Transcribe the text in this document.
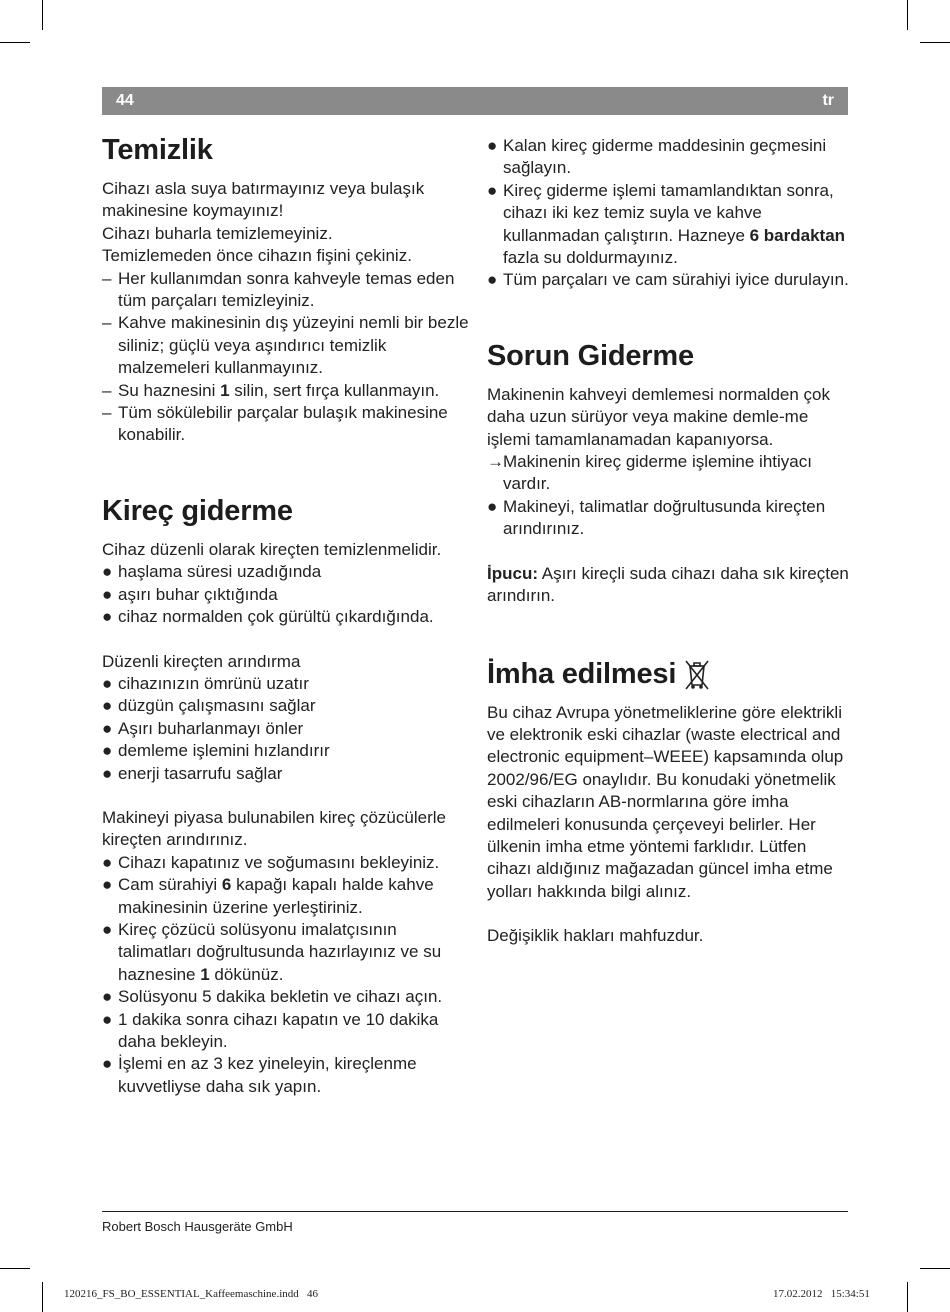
44	tr
Temizlik

Cihazı asla suya batırmayınız veya bulaşık makinesine koymayınız!

Cihazı buharla temizlemeyiniz.

Temizlemeden önce cihazın fişini çekiniz.

– Her kullanımdan sonra kahveyle temas eden tüm parçaları temizleyiniz.
– Kahve makinesinin dış yüzeyini nemli bir bezle siliniz; güçlü veya aşındırıcı temizlik malzemeleri kullanmayınız.
– Su haznesini 1 silin, sert fırça kullanmayın.
– Tüm sökülebilir parçalar bulaşık makinesine konabilir.
Kireç giderme

Cihaz düzenli olarak kireçten temizlenmelidir.

● haşlama süresi uzadığında
● aşırı buhar çıktığında
● cihaz normalden çok gürültü çıkardığında.

Düzenli kireçten arındırma

● cihazınızın ömrünü uzatır
● düzgün çalışmasını sağlar
● Aşırı buharlanmayı önler
● demleme işlemini hızlandırır
● enerji tasarrufu sağlar

Makineyi piyasa bulunabilen kireç çözücülerle kireçten arındırınız.

● Cihazı kapatınız ve soğumasını bekleyiniz.
● Cam sürahiyi 6 kapağı kapalı halde kahve makinesinin üzerine yerleştiriniz.
● Kireç çözücü solüsyonu imalatçısının talimatları doğrultusunda hazırlayınız ve su haznesine 1 dökünüz.
● Solüsyonu 5 dakika bekletin ve cihazı açın.
● 1 dakika sonra cihazı kapatın ve 10 dakika daha bekleyin.
● İşlemi en az 3 kez yineleyin, kireçlenme kuvvetliyse daha sık yapın.
● Kalan kireç giderme maddesinin geçmesini sağlayın.
● Kireç giderme işlemi tamamlandıktan sonra, cihazı iki kez temiz suyla ve kahve kullanmadan çalıştırın. Hazneye 6 bardaktan fazla su doldurmayınız.
● Tüm parçaları ve cam sürahiyi iyice durulayın.
Sorun Giderme

Makinenin kahveyi demlemesi normalden çok daha uzun sürüyor veya makine demle-me işlemi tamamlanamadan kapanıyorsa.

→ Makinenin kireç giderme işlemine ihtiyacı vardır.
● Makineyi, talimatlar doğrultusunda kireçten arındırınız.

İpucu: Aşırı kireçli suda cihazı daha sık kireçten arındırın.

İmha edilmesi

Bu cihaz Avrupa yönetmeliklerine göre elektrikli ve elektronik eski cihazlar (waste electrical and electronic equipment–WEEE) kapsamında olup 2002/96/EG onaylıdır. Bu konudaki yönetmelik eski cihazların AB-normlarına göre imha edilmeleri konusunda çerçeveyi belirler. Her ülkenin imha etme yöntemi farklıdır. Lütfen cihazı aldığınız mağazadan güncel imha etme yolları hakkında bilgi alınız.

Değişiklik hakları mahfuzdur.

Robert Bosch Hausgeräte GmbH
120216_FS_BO_ESSENTIAL_Kaffeemaschine.indd   46	17.02.2012   15:34:51
